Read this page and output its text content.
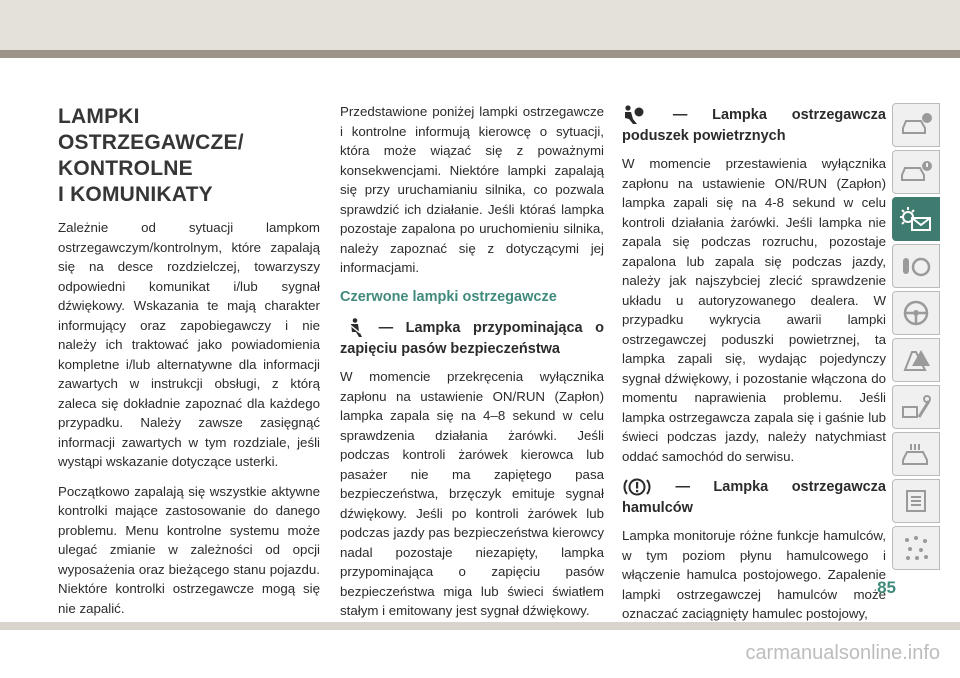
LAMPKI OSTRZEGAWCZE/
KONTROLNE
I KOMUNIKATY

Zależnie od sytuacji lampkom ostrzegawczym/kontrolnym, które zapalają się na desce rozdzielczej, towarzyszy odpowiedni komunikat i/lub sygnał dźwiękowy. Wskazania te mają charakter informujący oraz zapobiegawczy i nie należy ich traktować jako powiadomienia kompletne i/lub alternatywne dla informacji zawartych w instrukcji obsługi, z którą zaleca się dokładnie zapoznać dla każdego przypadku. Należy zawsze zasięgnąć informacji zawartych w tym rozdziale, jeśli wystąpi wskazanie dotyczące usterki.

Początkowo zapalają się wszystkie aktywne kontrolki mające zastosowanie do danego problemu. Menu kontrolne systemu może ulegać zmianie w zależności od opcji wyposażenia oraz bieżącego stanu pojazdu. Niektóre kontrolki ostrzegawcze mogą się nie zapalić.

Przedstawione poniżej lampki ostrzegawcze i kontrolne informują kierowcę o sytuacji, która może wiązać się z poważnymi konsekwencjami. Niektóre lampki zapalają się przy uruchamianiu silnika, co pozwala sprawdzić ich działanie. Jeśli któraś lampka pozostaje zapalona po uruchomieniu silnika, należy zapoznać się z dotyczącymi jej informacjami.

Czerwone lampki ostrzegawcze
— Lampka przypominająca o zapięciu pasów bezpieczeństwa

W momencie przekręcenia wyłącznika zapłonu na ustawienie ON/RUN (Zapłon) lampka zapala się na 4–8 sekund w celu sprawdzenia działania żarówki. Jeśli podczas kontroli żarówek kierowca lub pasażer nie ma zapiętego pasa bezpieczeństwa, brzęczyk emituje sygnał dźwiękowy. Jeśli po kontroli żarówek lub podczas jazdy pas bezpieczeństwa kierowcy nadal pozostaje niezapięty, lampka przypominająca o zapięciu pasów bezpieczeństwa miga lub świeci światłem stałym i emitowany jest sygnał dźwiękowy.

— Lampka ostrzegawcza poduszek powietrznych

W momencie przestawienia wyłącznika zapłonu na ustawienie ON/RUN (Zapłon) lampka zapali się na 4-8 sekund w celu kontroli działania żarówki. Jeśli lampka nie zapala się podczas rozruchu, pozostaje zapalona lub zapala się podczas jazdy, należy jak najszybciej zlecić sprawdzenie układu u autoryzowanego dealera. W przypadku wykrycia awarii lampki ostrzegawczej poduszki powietrznej, ta lampka zapali się, wydając pojedynczy sygnał dźwiękowy, i pozostanie włączona do momentu naprawienia problemu. Jeśli lampka ostrzegawcza zapala się i gaśnie lub świeci podczas jazdy, należy natychmiast oddać samochód do serwisu.

— Lampka ostrzegawcza hamulców

Lampka monitoruje różne funkcje hamulców, w tym poziom płynu hamulcowego i włączenie hamulca postojowego. Zapalenie lampki ostrzegawczej hamulców może oznaczać zaciągnięty hamulec postojowy,

85
carmanualsonline.info
